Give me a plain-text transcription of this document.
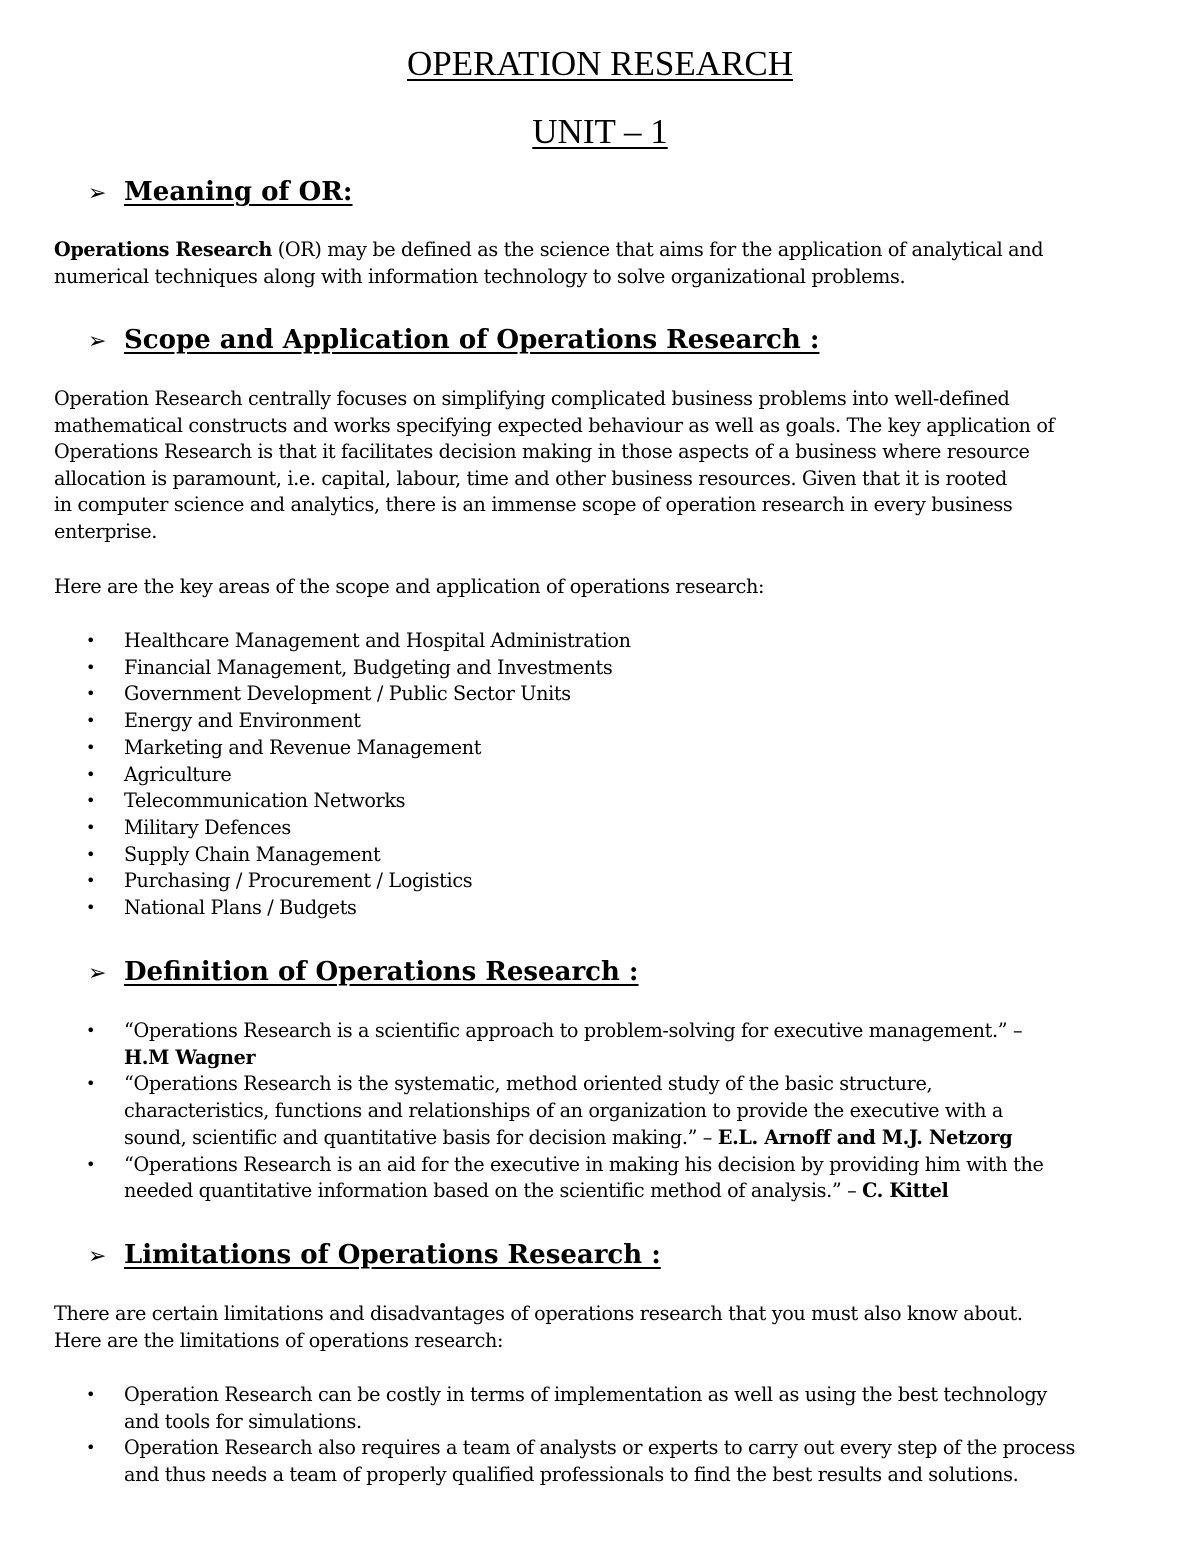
OPERATION RESEARCH
UNIT – 1
➢ Meaning of OR:

Operations Research (OR) may be defined as the science that aims for the application of analytical and
numerical techniques along with information technology to solve organizational problems.

➢ Scope and Application of Operations Research :

Operation Research centrally focuses on simplifying complicated business problems into well-defined
mathematical constructs and works specifying expected behaviour as well as goals. The key application of
Operations Research is that it facilitates decision making in those aspects of a business where resource
allocation is paramount, i.e. capital, labour, time and other business resources. Given that it is rooted
in computer science and analytics, there is an immense scope of operation research in every business
enterprise.

Here are the key areas of the scope and application of operations research:

• Healthcare Management and Hospital Administration
• Financial Management, Budgeting and Investments
• Government Development / Public Sector Units
• Energy and Environment
• Marketing and Revenue Management
• Agriculture
• Telecommunication Networks
• Military Defences
• Supply Chain Management
• Purchasing / Procurement / Logistics
• National Plans / Budgets
➢ Definition of Operations Research :
• “Operations Research is a scientific approach to problem-solving for executive management.” –
H.M Wagner
• “Operations Research is the systematic, method oriented study of the basic structure,
characteristics, functions and relationships of an organization to provide the executive with a
sound, scientific and quantitative basis for decision making.” – E.L. Arnoff and M.J. Netzorg
• “Operations Research is an aid for the executive in making his decision by providing him with the
needed quantitative information based on the scientific method of analysis.” – C. Kittel
➢ Limitations of Operations Research :

There are certain limitations and disadvantages of operations research that you must also know about.
Here are the limitations of operations research:

• Operation Research can be costly in terms of implementation as well as using the best technology
and tools for simulations.
• Operation Research also requires a team of analysts or experts to carry out every step of the process
and thus needs a team of properly qualified professionals to find the best results and solutions.
